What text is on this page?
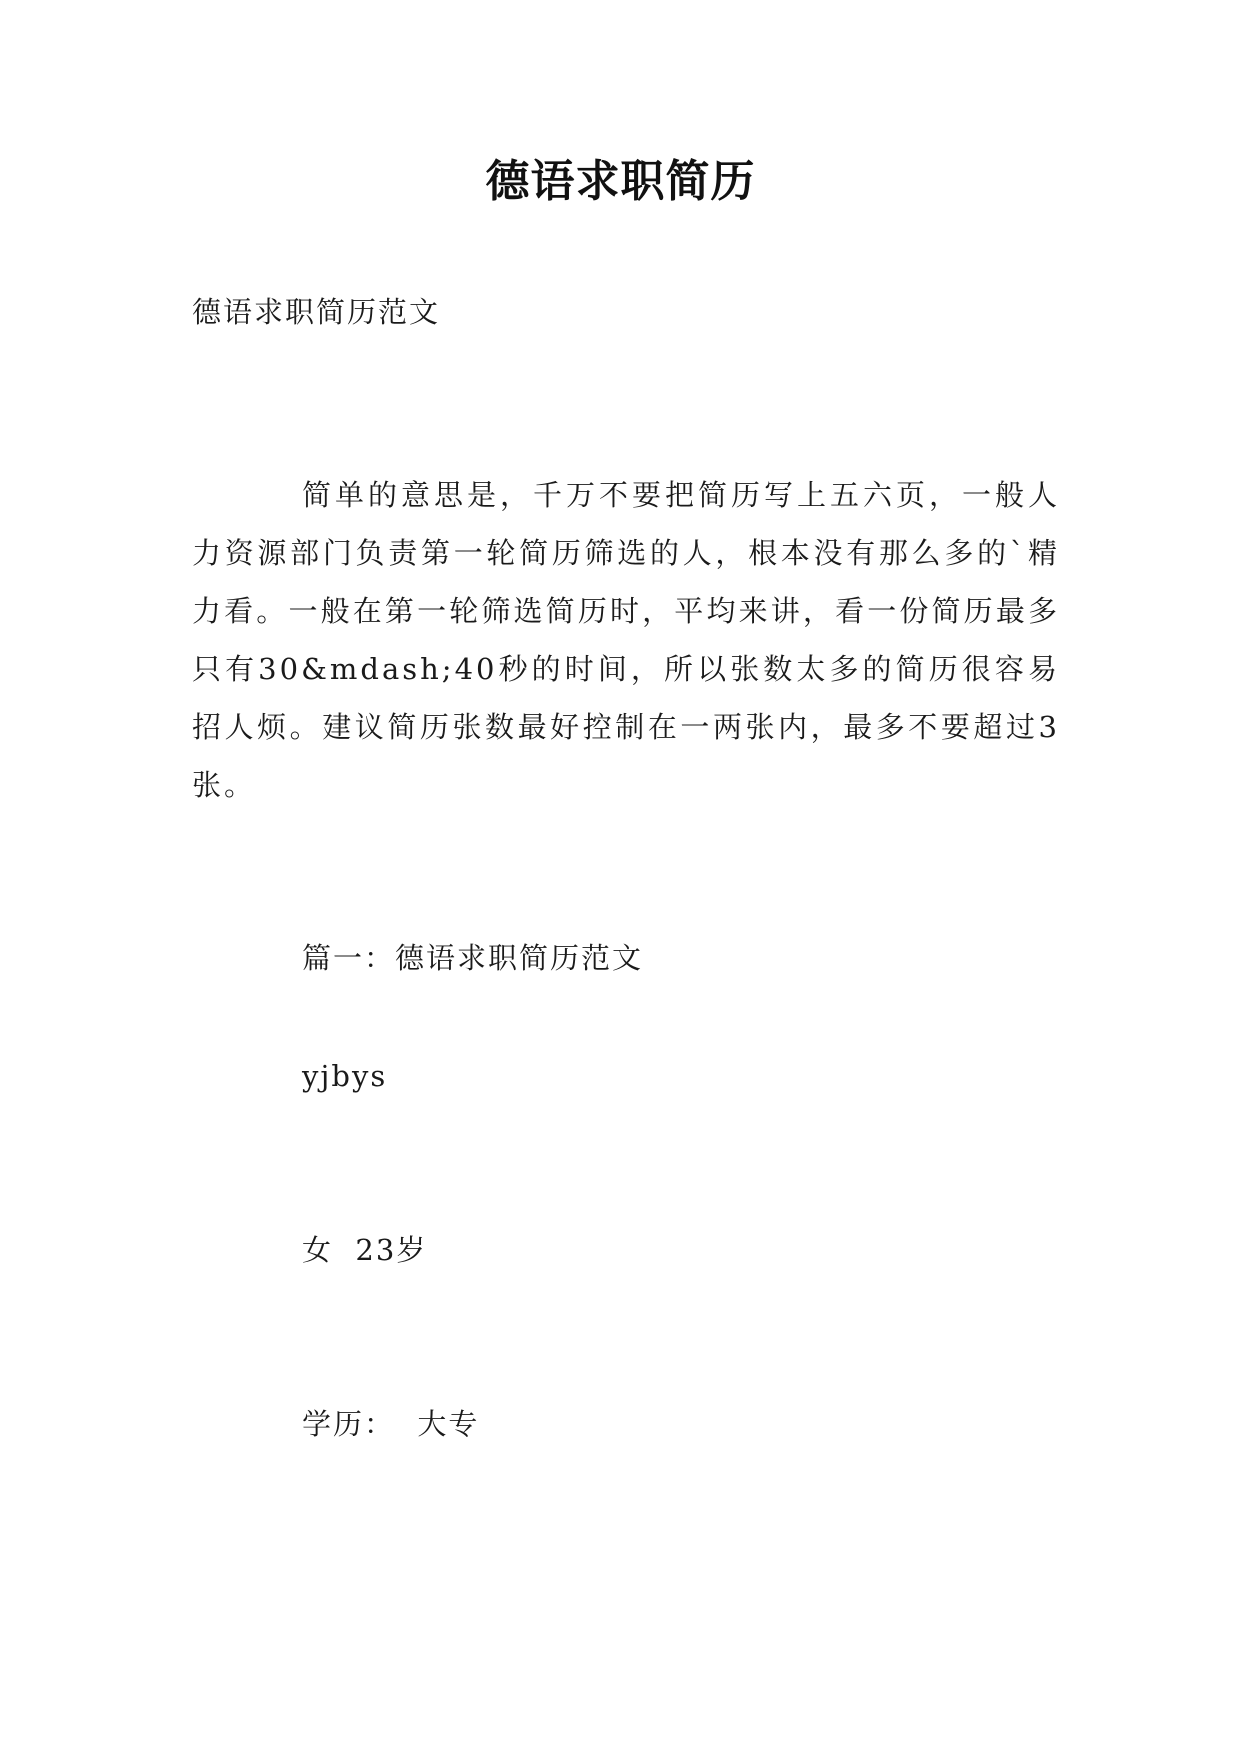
德语求职简历

德语求职简历范文

简单的意思是，千万不要把简历写上五六页，一般人力资源部门负责第一轮简历筛选的人，根本没有那么多的`精力看。一般在第一轮筛选简历时，平均来讲，看一份简历最多只有30&mdash;40秒的时间，所以张数太多的简历很容易招人烦。建议简历张数最好控制在一两张内，最多不要超过3张。

篇一：德语求职简历范文

yjbys

女  23岁

学历：  大专
